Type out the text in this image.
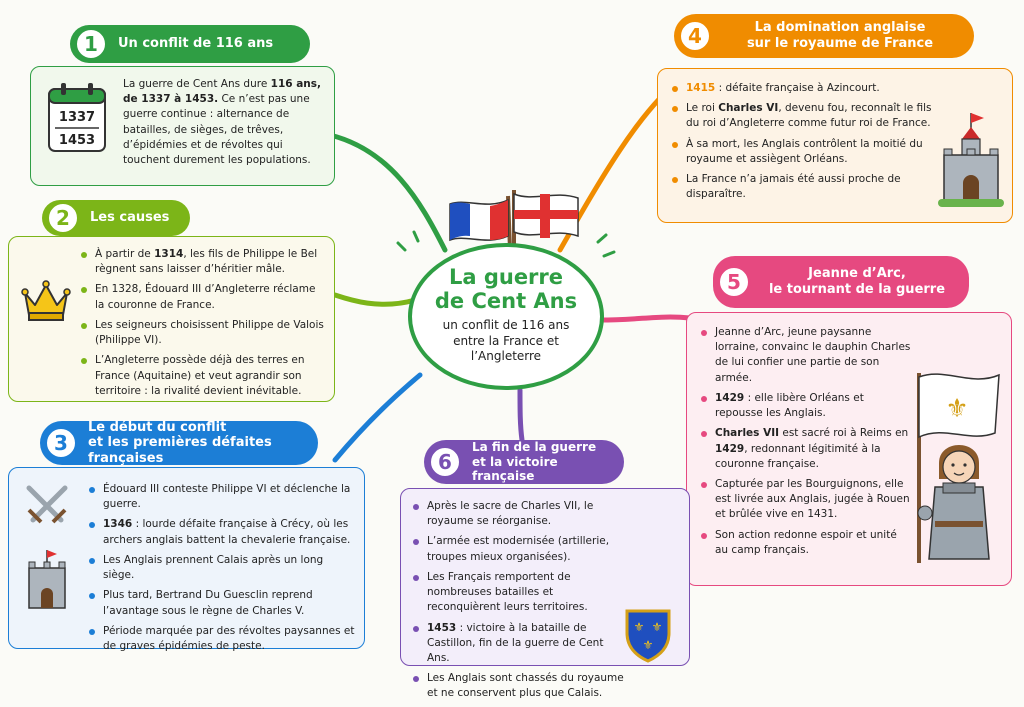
La guerre
de Cent Ans
un conflit de 116 ans entre la France et l’Angleterre
1	Un conflit de 116 ans
1337
1453
La guerre de Cent Ans dure 116 ans, de 1337 à 1453. Ce n’est pas une guerre continue : alternance de batailles, de sièges, de trêves, d’épidémies et de révoltes qui touchent durement les populations.
2	Les causes
À partir de 1314, les fils de Philippe le Bel règnent sans laisser d’héritier mâle.
En 1328, Édouard III d’Angleterre réclame la couronne de France.
Les seigneurs choisissent Philippe de Valois (Philippe VI).
L’Angleterre possède déjà des terres en France (Aquitaine) et veut agrandir son territoire : la rivalité devient inévitable.
3
Le début du conflit
et les premières défaites françaises
Édouard III conteste Philippe VI et déclenche la guerre.
1346 : lourde défaite française à Crécy, où les archers anglais battent la chevalerie française.
Les Anglais prennent Calais après un long siège.
Plus tard, Bertrand Du Guesclin reprend l’avantage sous le règne de Charles V.
Période marquée par des révoltes paysannes et de graves épidémies de peste.
4	La domination anglaise
sur le royaume de France
1415 : défaite française à Azincourt.
Le roi Charles VI, devenu fou, reconnaît le fils du roi d’Angleterre comme futur roi de France.
À sa mort, les Anglais contrôlent la moitié du royaume et assiègent Orléans.
La France n’a jamais été aussi proche de disparaître.
5	Jeanne d’Arc,
le tournant de la guerre
Jeanne d’Arc, jeune paysanne lorraine, convainc le dauphin Charles de lui confier une partie de son armée.
1429 : elle libère Orléans et repousse les Anglais.
Charles VII est sacré roi à Reims en 1429, redonnant légitimité à la couronne française.
Capturée par les Bourguignons, elle est livrée aux Anglais, jugée à Rouen et brûlée vive en 1431.
Son action redonne espoir et unité au camp français.
⚜
6
La fin de la guerre
et la victoire française
Après le sacre de Charles VII, le royaume se réorganise.
L’armée est modernisée (artillerie, troupes mieux organisées).
Les Français remportent de nombreuses batailles et reconquièrent leurs territoires.
1453 : victoire à la bataille de Castillon, fin de la guerre de Cent Ans.
Les Anglais sont chassés du royaume et ne conservent plus que Calais.
⚜ ⚜
⚜
